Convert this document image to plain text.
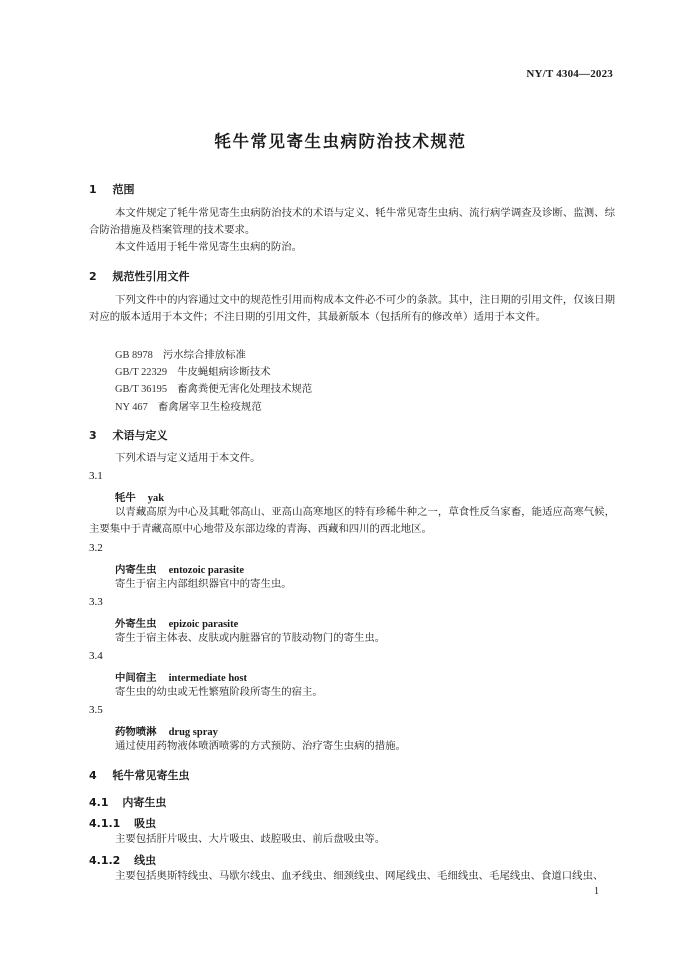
NY/T 4304—2023
牦牛常见寄生虫病防治技术规范
1 范围
本文件规定了牦牛常见寄生虫病防治技术的术语与定义、牦牛常见寄生虫病、流行病学调查及诊断、监测、综合防治措施及档案管理的技术要求。
本文件适用于牦牛常见寄生虫病的防治。
2 规范性引用文件
下列文件中的内容通过文中的规范性引用而构成本文件必不可少的条款。其中，注日期的引用文件，仅该日期对应的版本适用于本文件；不注日期的引用文件，其最新版本（包括所有的修改单）适用于本文件。
GB 8978 污水综合排放标准
GB/T 22329 牛皮蝇蛆病诊断技术
GB/T 36195 畜禽粪便无害化处理技术规范
NY 467 畜禽屠宰卫生检疫规范
3 术语与定义
下列术语与定义适用于本文件。
3.1
牦牛 yak
以青藏高原为中心及其毗邻高山、亚高山高寒地区的特有珍稀牛种之一，草食性反刍家畜，能适应高寒气候，主要集中于青藏高原中心地带及东部边缘的青海、西藏和四川的西北地区。
3.2
内寄生虫 entozoic parasite
寄生于宿主内部组织器官中的寄生虫。
3.3
外寄生虫 epizoic parasite
寄生于宿主体表、皮肤或内脏器官的节肢动物门的寄生虫。
3.4
中间宿主 intermediate host
寄生虫的幼虫或无性繁殖阶段所寄生的宿主。
3.5
药物喷淋 drug spray
通过使用药物液体喷洒喷雾的方式预防、治疗寄生虫病的措施。
4 牦牛常见寄生虫
4.1 内寄生虫
4.1.1 吸虫
主要包括肝片吸虫、大片吸虫、歧腔吸虫、前后盘吸虫等。
4.1.2 线虫
主要包括奥斯特线虫、马歇尔线虫、血矛线虫、细颈线虫、网尾线虫、毛细线虫、毛尾线虫、食道口线虫、
1
